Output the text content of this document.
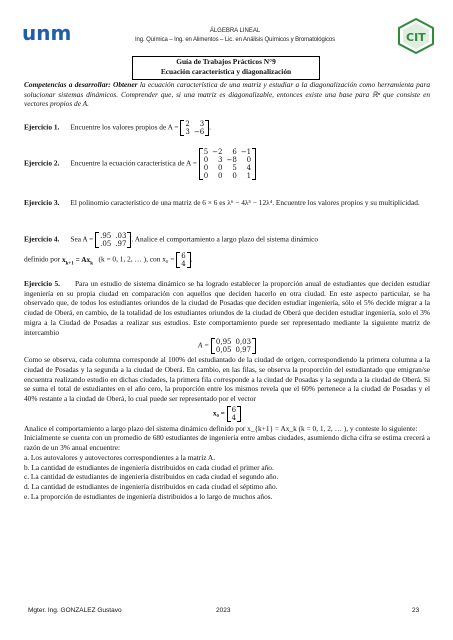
unm	ÁLGEBRA LINEAL
Ing. Química – Ing. en Alimentos – Lic. en Análisis Químicos y Bromatológicos	CIT
Guía de Trabajos Prácticos N°9
Ecuación característica y diagonalización
Competencias a desarrollar: Obtener la ecuación característica de una matriz y estudiar a la diagonalización como herramienta para solucionar sistemas dinámicos. Comprender que, si una matriz es diagonalizable, entonces existe una base para ℝⁿ que consiste en vectores propios de A.
Ejercicio 1. Encuentre los valores propios de A = 2	3
3	−6
.
Ejercicio 2. Encuentre la ecuación característica de A =
5	−2	6	−1
0	3	−8	0
0	0	5	4
0	0	0	1
Ejercicio 3. El polinomio característico de una matriz de 6 × 6 es λ⁶ − 4λ⁵ − 12λ⁴. Encuentre los valores propios y su multiplicidad.
Ejercicio 4. Sea A = .95	.03
.05	.97
. Analice el comportamiento a largo plazo del sistema dinámico
definido por $x_{k+1} = Ax_k$ (k = 0, 1, 2, … ), con x₀ = 6
4
.
Ejercicio 5. Para un estudio de sistema dinámico se ha logrado establecer la proporción anual de estudiantes que deciden estudiar ingeniería en su propia ciudad en comparación con aquellos que deciden hacerlo en otra ciudad. En este aspecto particular, se ha observado que, de todos los estudiantes oriundos de la ciudad de Posadas que deciden estudiar ingeniería, sólo el 5% decide migrar a la ciudad de Oberá, en cambio, de la totalidad de los estudiantes oriundos de la ciudad de Oberá que deciden estudiar ingeniería, solo el 3% migra a la Ciudad de Posadas a realizar sus estudios. Este comportamiento puede ser representado mediante la siguiente matriz de intercambio
A = 0,95	0,03
0,05	0,97
Como se observa, cada columna corresponde al 100% del estudiantado de la ciudad de origen, correspondiendo la primera columna a la ciudad de Posadas y la segunda a la ciudad de Oberá. En cambio, en las filas, se observa la proporción del estudiantado que emigran/se encuentra realizando estudio en dichas ciudades, la primera fila corresponde a la ciudad de Posadas y la segunda a la ciudad de Oberá. Si se suma el total de estudiantes en el año cero, la proporción entre los mismos revela que el 60% pertenece a la ciudad de Posadas y el 40% restante a la ciudad de Oberá, lo cual puede ser representado por el vector
x₀ = 6
4
Analice el comportamiento a largo plazo del sistema dinámico definido por x_{k+1} = Ax_k (k = 0, 1, 2, … ), y conteste lo siguiente:
Inicialmente se cuenta con un promedio de 680 estudiantes de ingeniería entre ambas ciudades, asumiendo dicha cifra se estima crecerá a razón de un 3% anual encuentre:
a. Los autovalores y autovectores correspondientes a la matriz A.
b. La cantidad de estudiantes de ingeniería distribuidos en cada ciudad el primer año.
c. La cantidad de estudiantes de ingeniería distribuidos en cada ciudad el segundo año.
d. La cantidad de estudiantes de ingeniería distribuidos en cada ciudad el séptimo año.
e. La proporción de estudiantes de ingeniería distribuidos a lo largo de muchos años.
Mgter. Ing. GONZALEZ Gustavo	2023	23
